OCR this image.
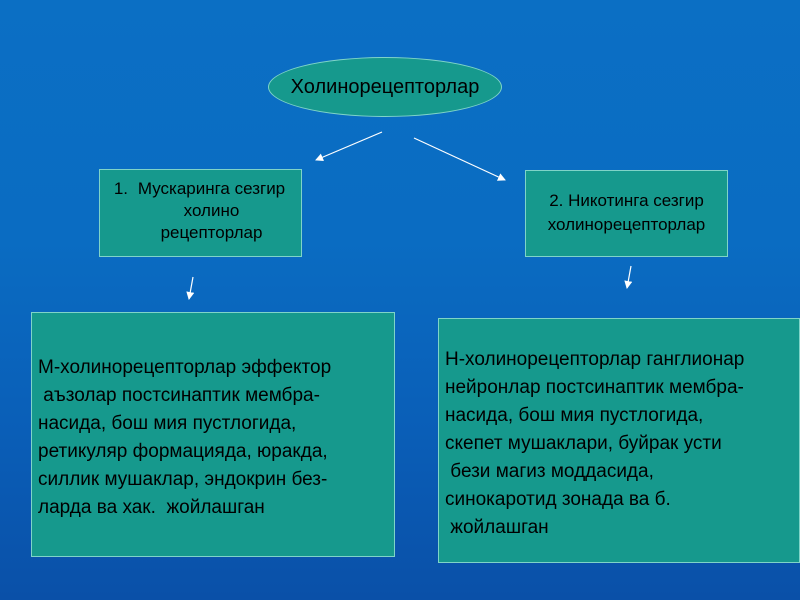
Холинорецепторлар
1. Мускаринга сезгир
холино
рецепторлар
2. Никотинга сезгир
холинорецепторлар
М-холинорецепторлар эффектор
аъзолар постсинаптик мембра-
насида, бош мия пустлогида,
ретикуляр формацияда, юракда,
силлик мушаклар, эндокрин без-
ларда ва хак.  жойлашган
Н-холинорецепторлар ганглионар
нейронлар постсинаптик мембра-
насида, бош мия пустлогида,
скепет мушаклари, буйрак усти
бези магиз моддасида,
синокаротид зонада ва б.
жойлашган
